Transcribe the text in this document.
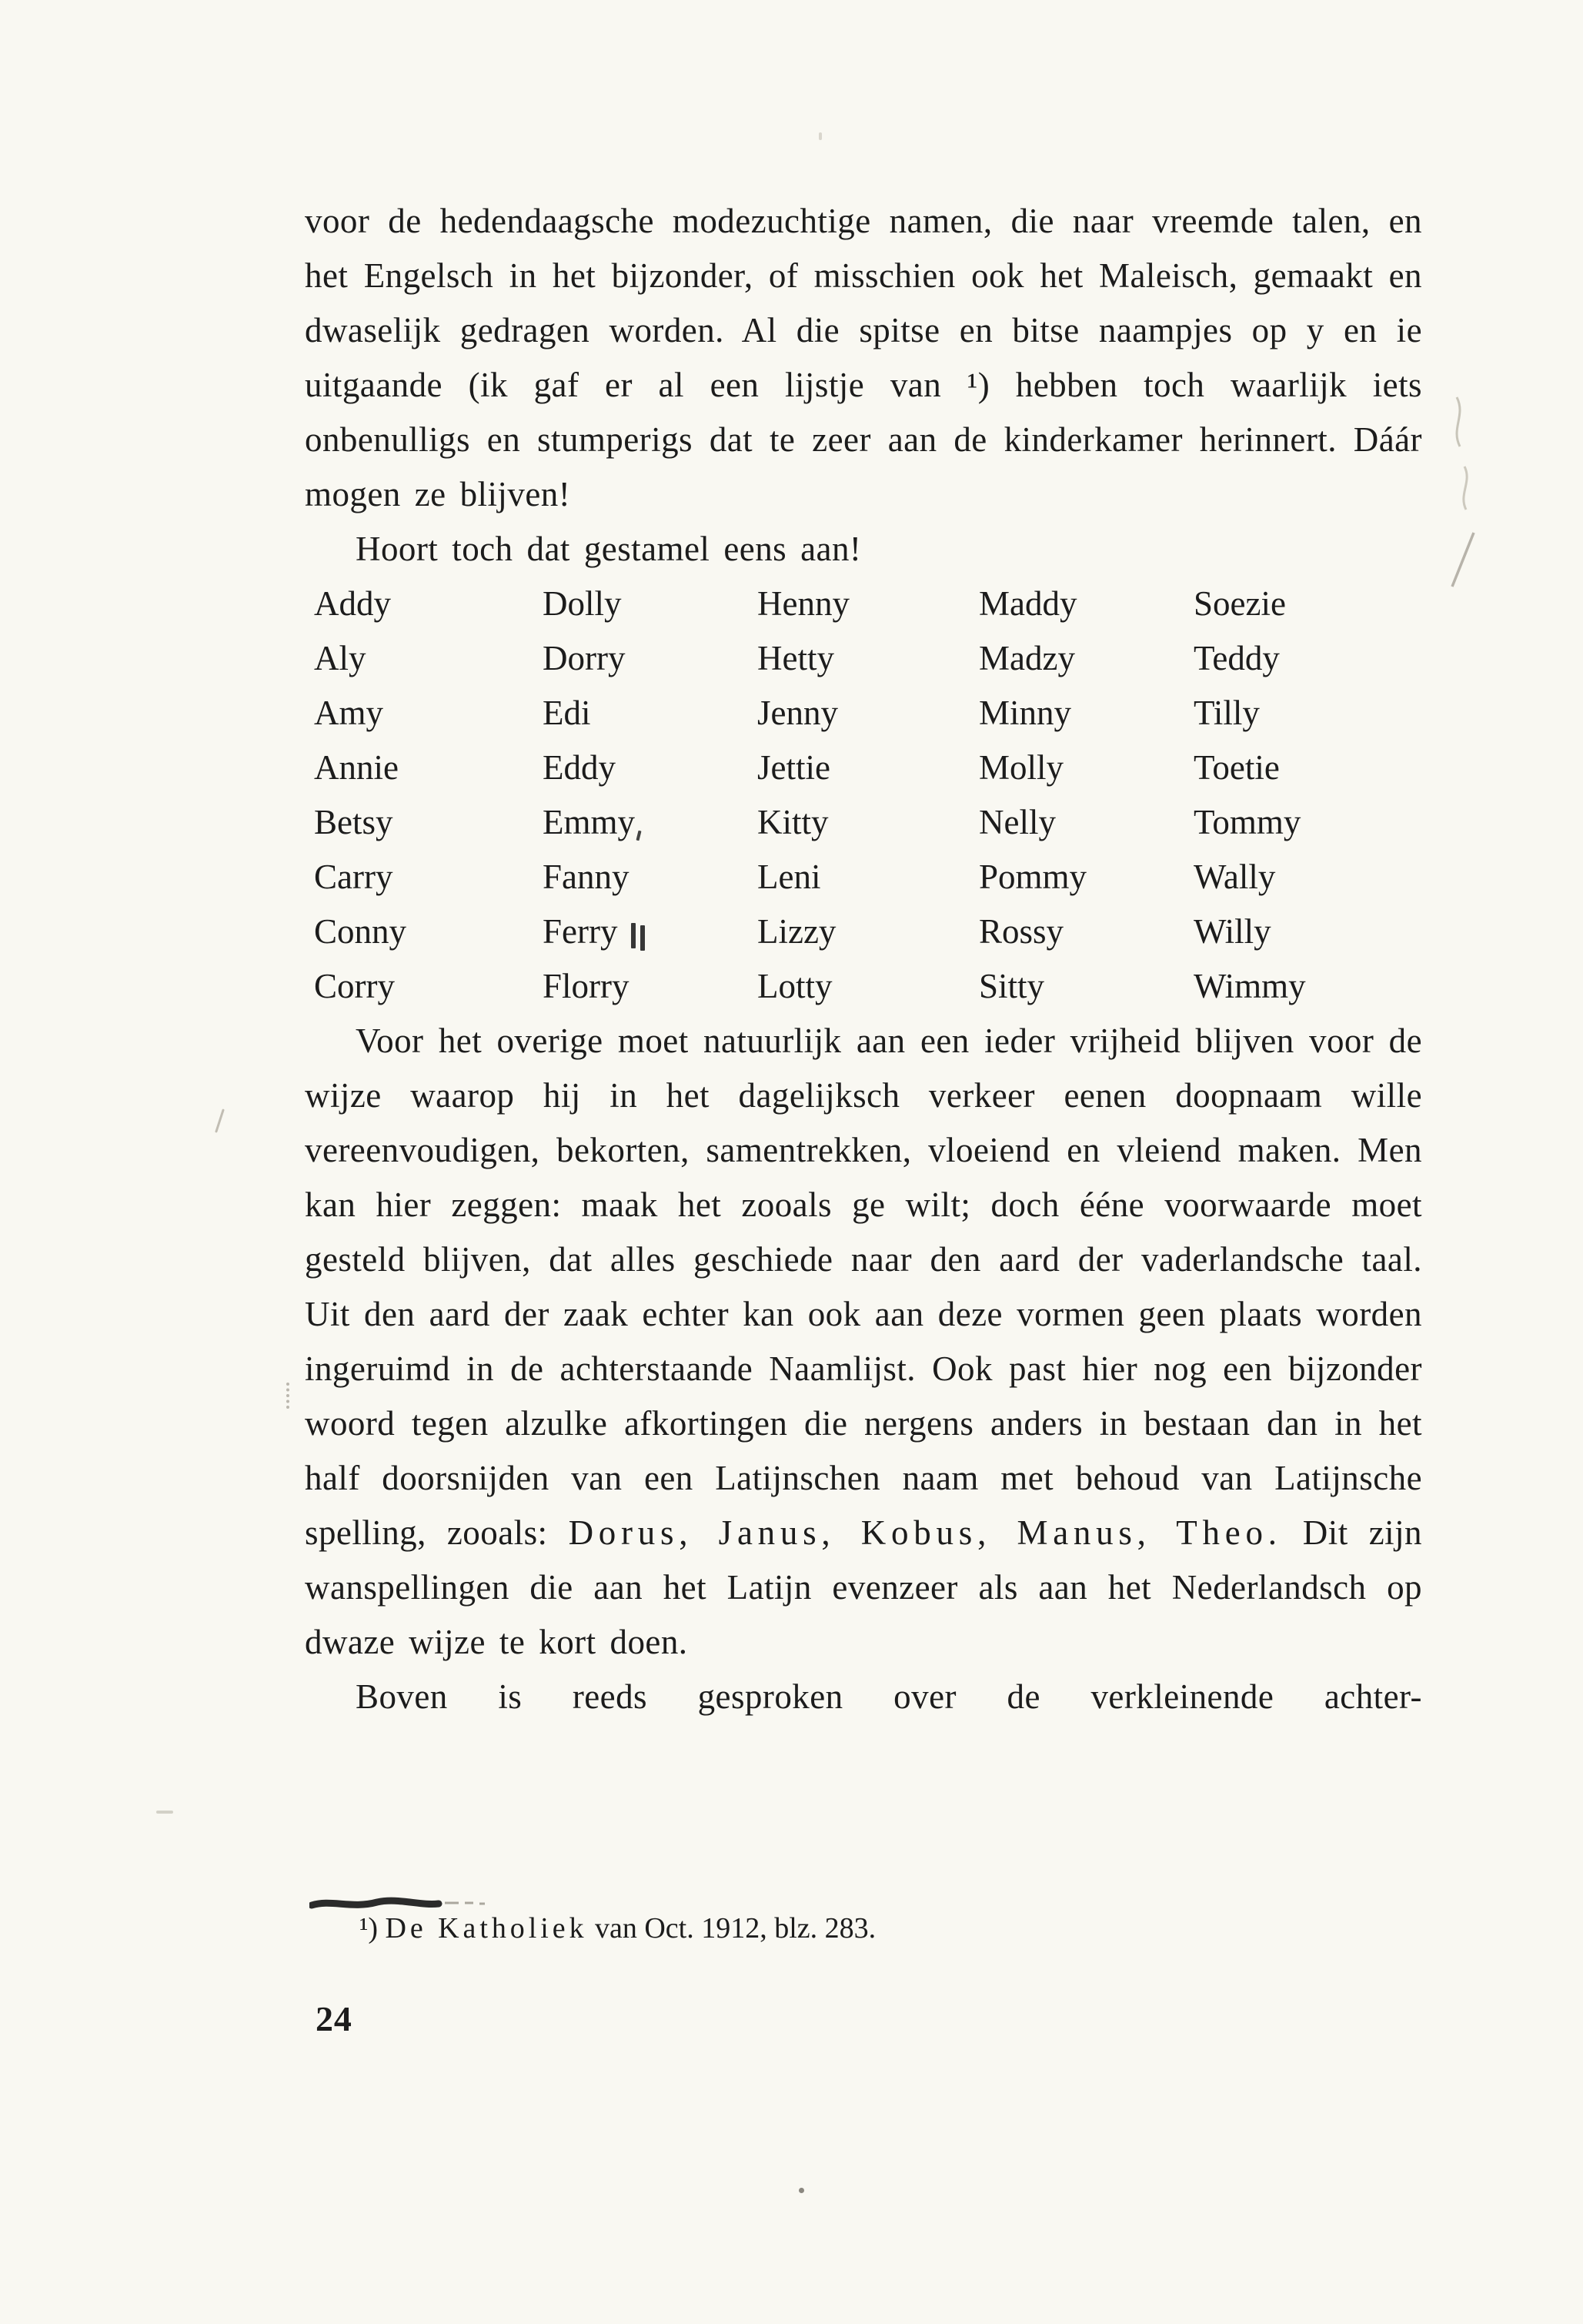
voor de hedendaagsche modezuchtige namen, die naar vreemde talen, en het Engelsch in het bijzonder, of misschien ook het Maleisch, gemaakt en dwaselijk gedragen worden. Al die spitse en bitse naampjes op y en ie uitgaande (ik gaf er al een lijstje van ¹) hebben toch waarlijk iets onbenulligs en stumperigs dat te zeer aan de kinderkamer herinnert. Dáár mogen ze blijven!

Hoort toch dat gestamel eens aan!

Addy	Dolly	Henny	Maddy	Soezie
Aly	Dorry	Hetty	Madzy	Teddy
Amy	Edi	Jenny	Minny	Tilly
Annie	Eddy	Jettie	Molly	Toetie
Betsy	Emmy	Kitty	Nelly	Tommy
Carry	Fanny	Leni	Pommy	Wally
Conny	Ferry	Lizzy	Rossy	Willy
Corry	Florry	Lotty	Sitty	Wimmy

Voor het overige moet natuurlijk aan een ieder vrijheid blijven voor de wijze waarop hij in het dagelijksch verkeer eenen doopnaam wille vereenvoudigen, bekorten, samentrekken, vloeiend en vleiend maken. Men kan hier zeggen: maak het zooals ge wilt; doch ééne voorwaarde moet gesteld blijven, dat alles geschiede naar den aard der vaderlandsche taal. Uit den aard der zaak echter kan ook aan deze vormen geen plaats worden ingeruimd in de achterstaande Naamlijst. Ook past hier nog een bijzonder woord tegen alzulke afkortingen die nergens anders in bestaan dan in het half doorsnijden van een Latijnschen naam met behoud van Latijnsche spelling, zooals: Dorus, Janus, Kobus, Manus, Theo. Dit zijn wanspellingen die aan het Latijn evenzeer als aan het Nederlandsch op dwaze wijze te kort doen.

Boven is reeds gesproken over de verkleinende achter-

¹) De Katholiek van Oct. 1912, blz. 283.
24
